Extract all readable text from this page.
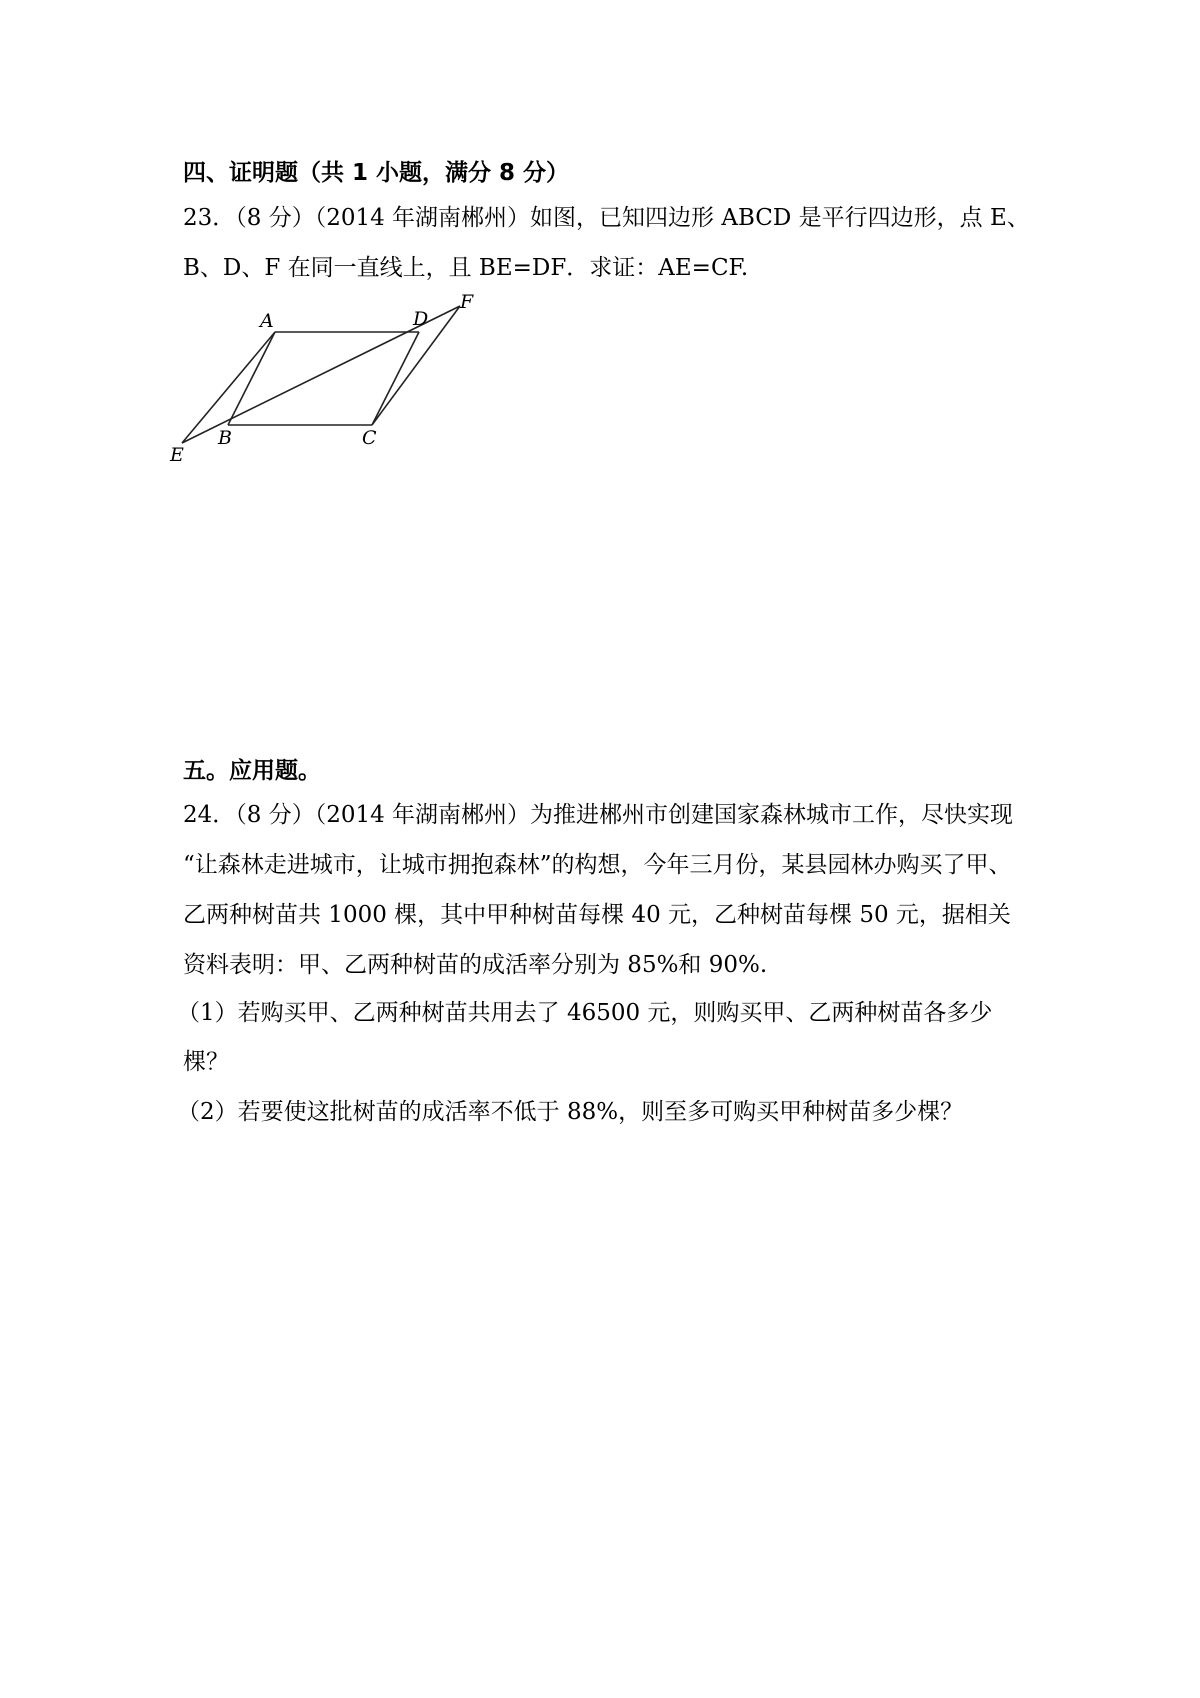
四、证明题（共 1 小题，满分 8 分）
23．（8 分）（2014 年湖南郴州）如图，已知四边形 ABCD 是平行四边形，点 E、
B、D、F 在同一直线上，且 BE=DF．求证：AE=CF.
A
B	C
D
E
F
五。应用题。
24．（8 分）（2014 年湖南郴州）为推进郴州市创建国家森林城市工作，尽快实现
“让森林走进城市，让城市拥抱森林”的构想，今年三月份，某县园林办购买了甲、
乙两种树苗共 1000 棵，其中甲种树苗每棵 40 元，乙种树苗每棵 50 元，据相关
资料表明：甲、乙两种树苗的成活率分别为 85%和 90%.
（1）若购买甲、乙两种树苗共用去了 46500 元，则购买甲、乙两种树苗各多少
棵？
（2）若要使这批树苗的成活率不低于 88%，则至多可购买甲种树苗多少棵？
